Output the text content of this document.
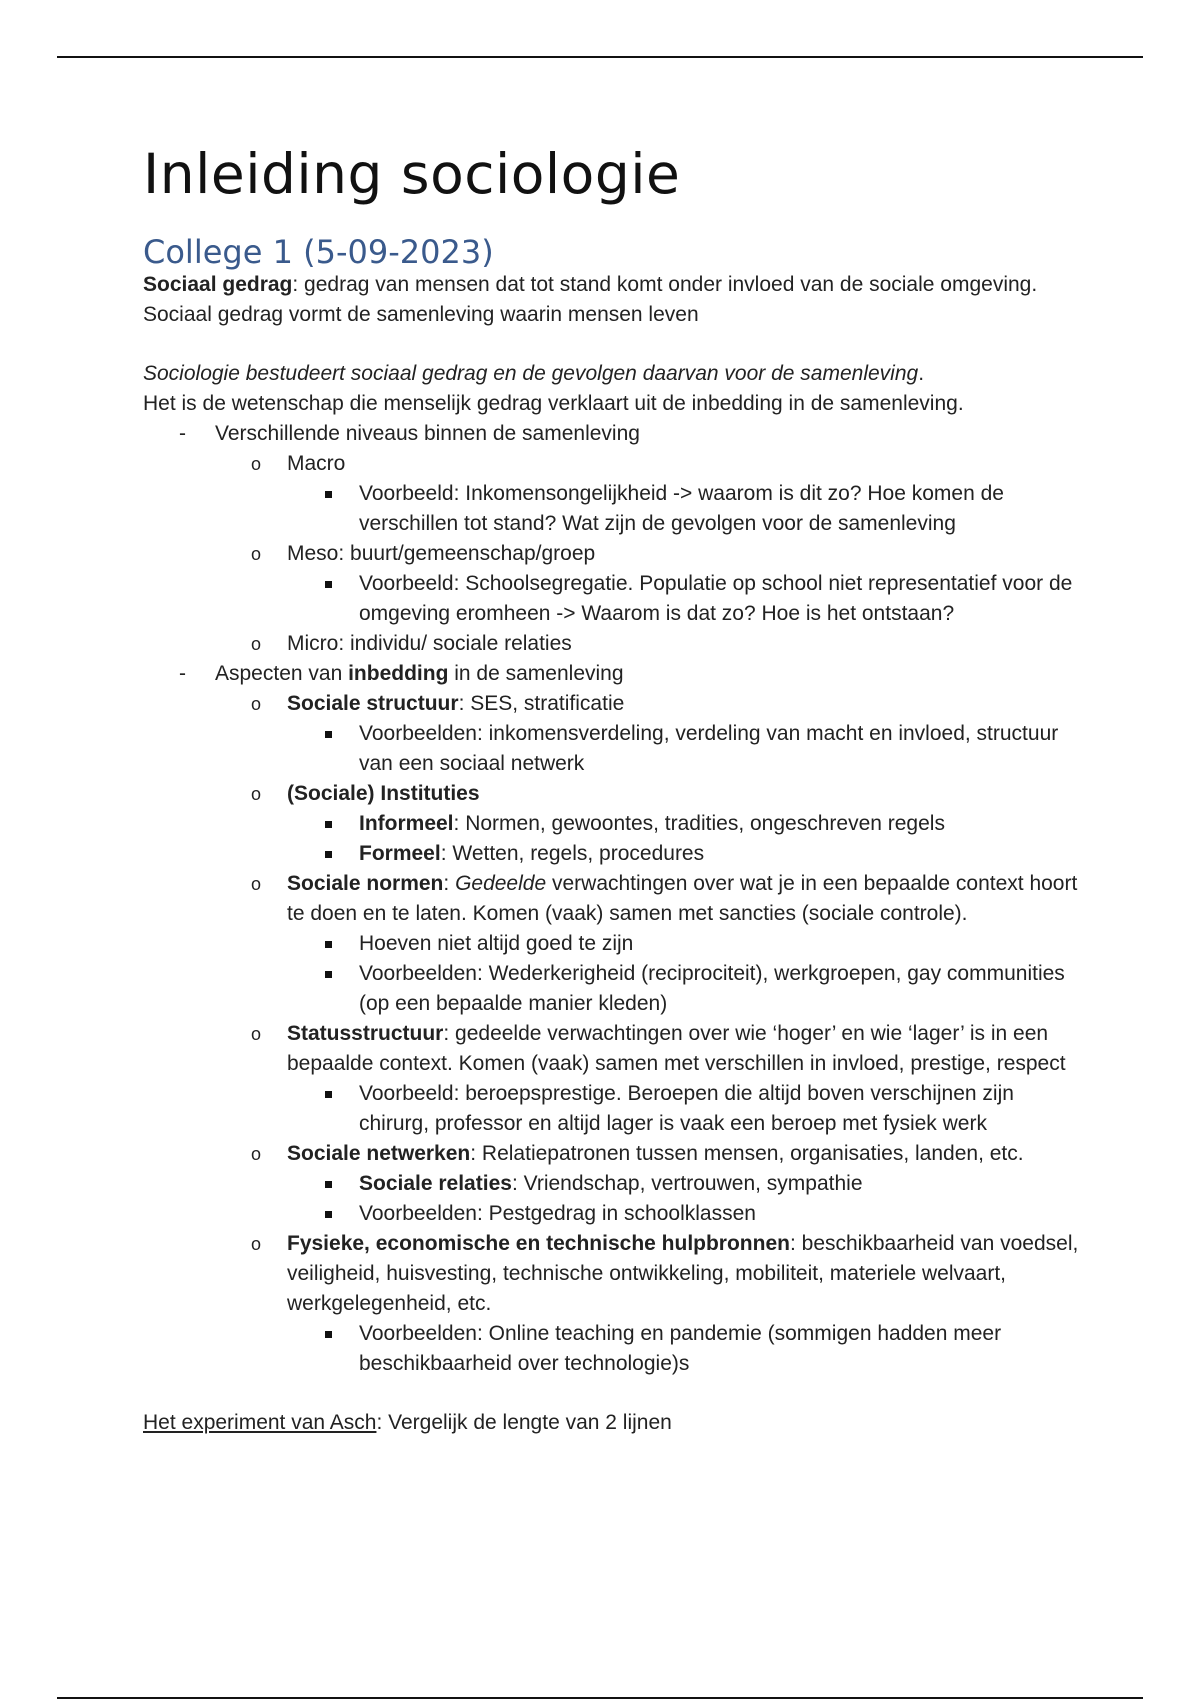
Inleiding sociologie
College 1 (5-09-2023)

Sociaal gedrag: gedrag van mensen dat tot stand komt onder invloed van de sociale omgeving. Sociaal gedrag vormt de samenleving waarin mensen leven

Sociologie bestudeert sociaal gedrag en de gevolgen daarvan voor de samenleving.

Het is de wetenschap die menselijk gedrag verklaart uit de inbedding in de samenleving.

-	Verschillende niveaus binnen de samenleving
o Macro
Voorbeeld: Inkomensongelijkheid -> waarom is dit zo? Hoe komen de verschillen tot stand? Wat zijn de gevolgen voor de samenleving
o Meso: buurt/gemeenschap/groep
Voorbeeld: Schoolsegregatie. Populatie op school niet representatief voor de omgeving eromheen -> Waarom is dat zo? Hoe is het ontstaan?
o Micro: individu/ sociale relaties
-	Aspecten van inbedding in de samenleving
o Sociale structuur: SES, stratificatie
Voorbeelden: inkomensverdeling, verdeling van macht en invloed, structuur van een sociaal netwerk
o (Sociale) Instituties
Informeel: Normen, gewoontes, tradities, ongeschreven regels
Formeel: Wetten, regels, procedures
o Sociale normen: Gedeelde verwachtingen over wat je in een bepaalde context hoort te doen en te laten. Komen (vaak) samen met sancties (sociale controle).
Hoeven niet altijd goed te zijn
Voorbeelden: Wederkerigheid (reciprociteit), werkgroepen, gay communities (op een bepaalde manier kleden)
o Statusstructuur: gedeelde verwachtingen over wie ‘hoger’ en wie ‘lager’ is in een bepaalde context. Komen (vaak) samen met verschillen in invloed, prestige, respect
Voorbeeld: beroepsprestige. Beroepen die altijd boven verschijnen zijn chirurg, professor en altijd lager is vaak een beroep met fysiek werk
o Sociale netwerken: Relatiepatronen tussen mensen, organisaties, landen, etc.
Sociale relaties: Vriendschap, vertrouwen, sympathie
Voorbeelden: Pestgedrag in schoolklassen
o Fysieke, economische en technische hulpbronnen: beschikbaarheid van voedsel, veiligheid, huisvesting, technische ontwikkeling, mobiliteit, materiele welvaart, werkgelegenheid, etc.
Voorbeelden: Online teaching en pandemie (sommigen hadden meer beschikbaarheid over technologie)s

Het experiment van Asch: Vergelijk de lengte van 2 lijnen
